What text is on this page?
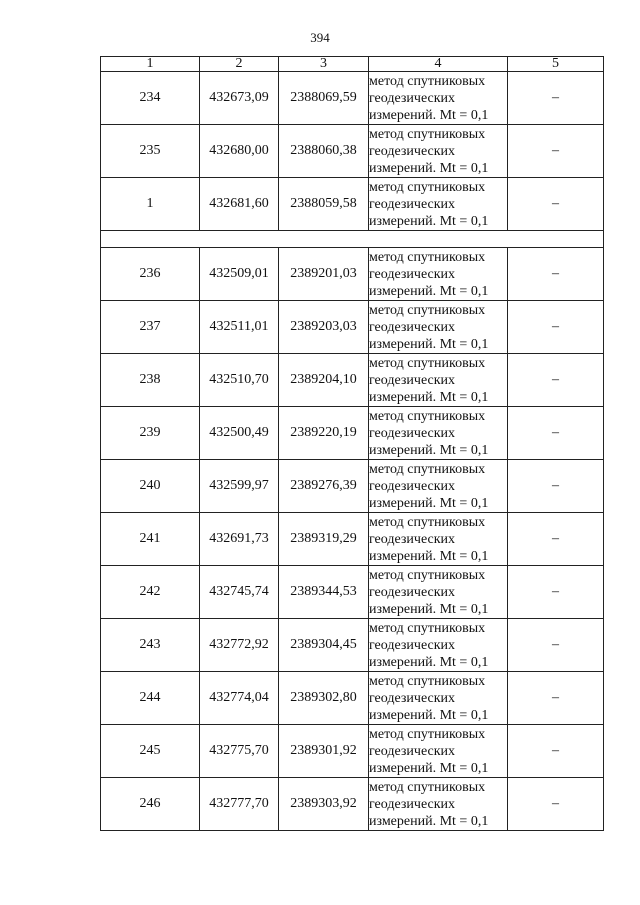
394
1	2	3	4	5
234	432673,09	2388069,59	метод спутниковых
геодезических
измерений. Mt = 0,1	–
235	432680,00	2388060,38	метод спутниковых
геодезических
измерений. Mt = 0,1	–
1	432681,60	2388059,58	метод спутниковых
геодезических
измерений. Mt = 0,1	–

236	432509,01	2389201,03	метод спутниковых
геодезических
измерений. Mt = 0,1	–
237	432511,01	2389203,03	метод спутниковых
геодезических
измерений. Mt = 0,1	–
238	432510,70	2389204,10	метод спутниковых
геодезических
измерений. Mt = 0,1	–
239	432500,49	2389220,19	метод спутниковых
геодезических
измерений. Mt = 0,1	–
240	432599,97	2389276,39	метод спутниковых
геодезических
измерений. Mt = 0,1	–
241	432691,73	2389319,29	метод спутниковых
геодезических
измерений. Mt = 0,1	–
242	432745,74	2389344,53	метод спутниковых
геодезических
измерений. Mt = 0,1	–
243	432772,92	2389304,45	метод спутниковых
геодезических
измерений. Mt = 0,1	–
244	432774,04	2389302,80	метод спутниковых
геодезических
измерений. Mt = 0,1	–
245	432775,70	2389301,92	метод спутниковых
геодезических
измерений. Mt = 0,1	–
246	432777,70	2389303,92	метод спутниковых
геодезических
измерений. Mt = 0,1	–
